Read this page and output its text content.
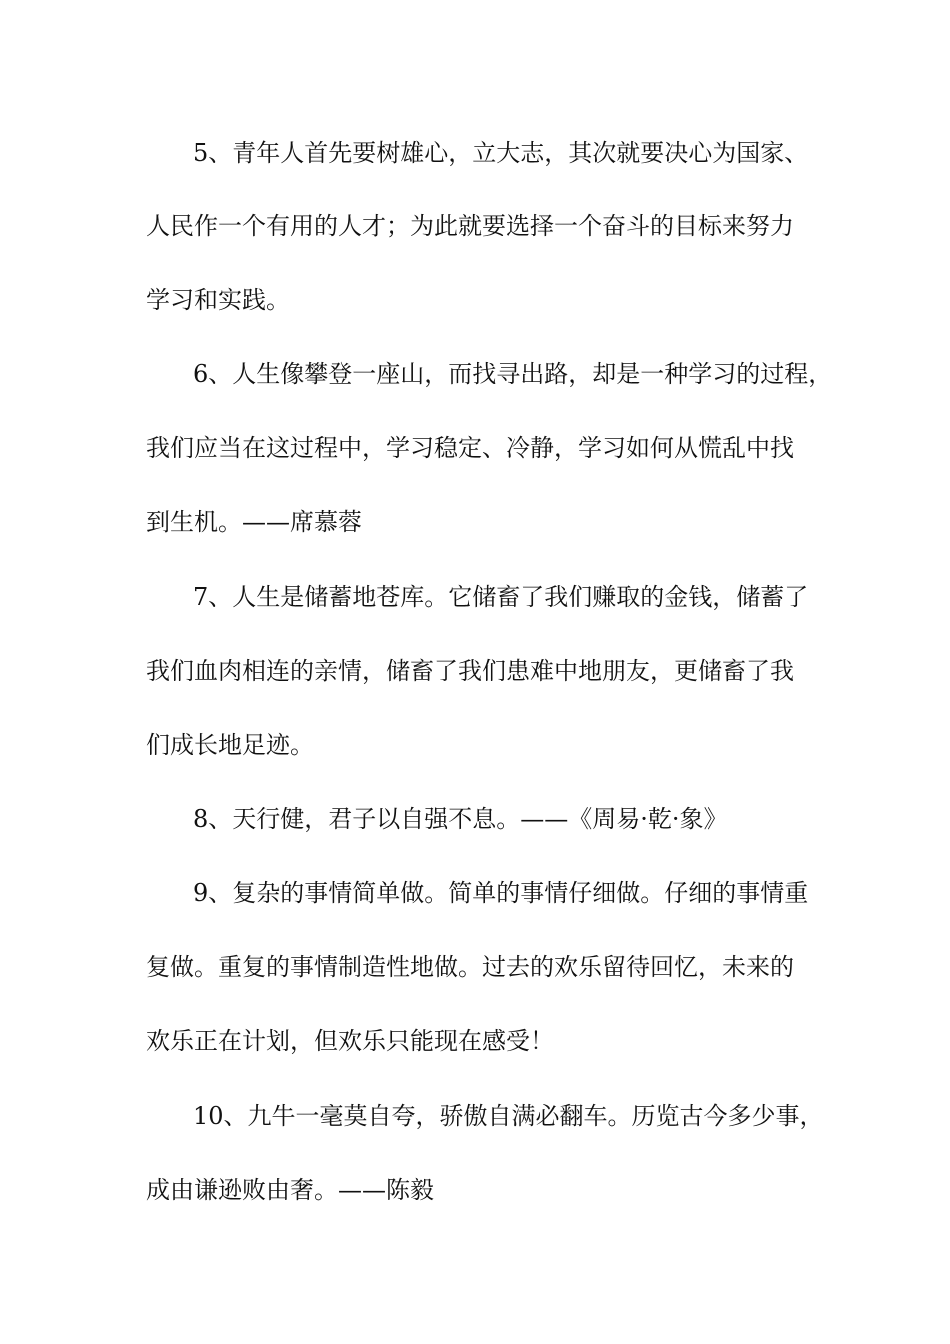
5、青年人首先要树雄心，立大志，其次就要决心为国家、

人民作一个有用的人才；为此就要选择一个奋斗的目标来努力

学习和实践。

6、人生像攀登一座山，而找寻出路，却是一种学习的过程，

我们应当在这过程中，学习稳定、冷静，学习如何从慌乱中找

到生机。——席慕蓉

7、人生是储蓄地苍库。它储畜了我们赚取的金钱，储蓄了

我们血肉相连的亲情，储畜了我们患难中地朋友，更储畜了我

们成长地足迹。

8、天行健，君子以自强不息。——《周易·乾·象》

9、复杂的事情简单做。简单的事情仔细做。仔细的事情重

复做。重复的事情制造性地做。过去的欢乐留待回忆，未来的

欢乐正在计划，但欢乐只能现在感受！

10、九牛一毫莫自夸，骄傲自满必翻车。历览古今多少事，

成由谦逊败由奢。——陈毅
